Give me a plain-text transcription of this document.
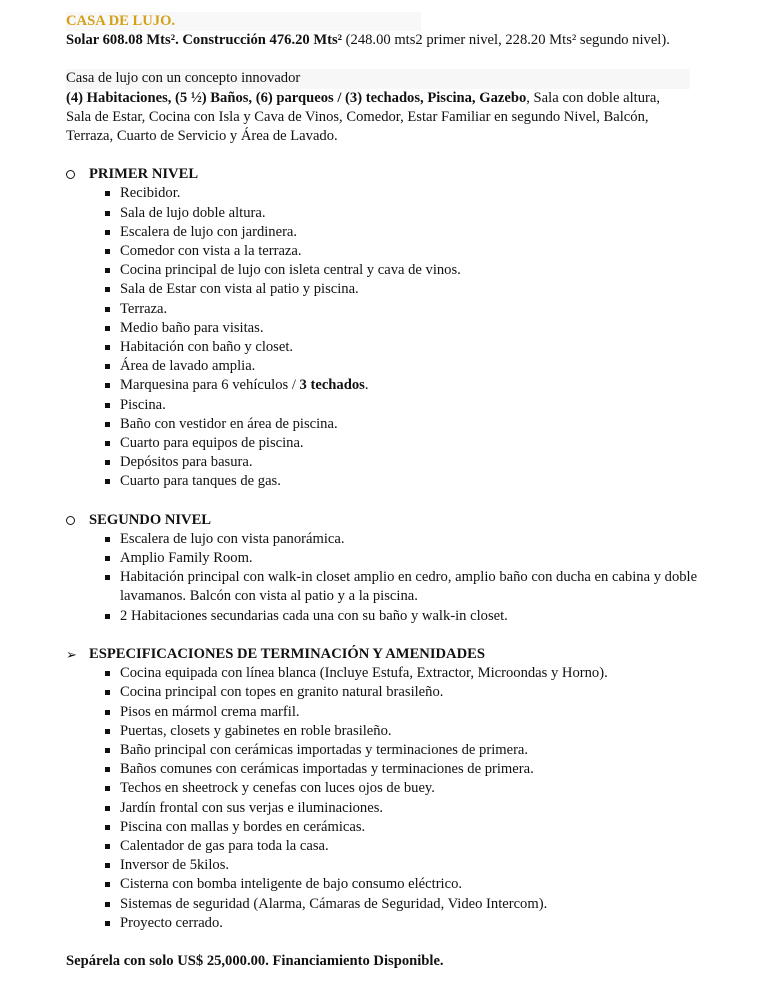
CASA DE LUJO.
Solar 608.08 Mts². Construcción 476.20 Mts² (248.00 mts2 primer nivel, 228.20 Mts² segundo nivel).
Casa de lujo con un concepto innovador
(4) Habitaciones, (5 ½) Baños, (6) parqueos / (3) techados, Piscina, Gazebo, Sala con doble altura,
Sala de Estar, Cocina con Isla y Cava de Vinos, Comedor, Estar Familiar en segundo Nivel, Balcón,
Terraza, Cuarto de Servicio y Área de Lavado.
PRIMER NIVEL
Recibidor.
Sala de lujo doble altura.
Escalera de lujo con jardinera.
Comedor con vista a la terraza.
Cocina principal de lujo con isleta central y cava de vinos.
Sala de Estar con vista al patio y piscina.
Terraza.
Medio baño para visitas.
Habitación con baño y closet.
Área de lavado amplia.
Marquesina para 6 vehículos / 3 techados.
Piscina.
Baño con vestidor en área de piscina.
Cuarto para equipos de piscina.
Depósitos para basura.
Cuarto para tanques de gas.
SEGUNDO NIVEL
Escalera de lujo con vista panorámica.
Amplio Family Room.
Habitación principal con walk-in closet amplio en cedro, amplio baño con ducha en cabina y doble lavamanos. Balcón con vista al patio y a la piscina.
2 Habitaciones secundarias cada una con su baño y walk-in closet.
➢ ESPECIFICACIONES DE TERMINACIÓN Y AMENIDADES
Cocina equipada con línea blanca (Incluye Estufa, Extractor, Microondas y Horno).
Cocina principal con topes en granito natural brasileño.
Pisos en mármol crema marfil.
Puertas, closets y gabinetes en roble brasileño.
Baño principal con cerámicas importadas y terminaciones de primera.
Baños comunes con cerámicas importadas y terminaciones de primera.
Techos en sheetrock y cenefas con luces ojos de buey.
Jardín frontal con sus verjas e iluminaciones.
Piscina con mallas y bordes en cerámicas.
Calentador de gas para toda la casa.
Inversor de 5kilos.
Cisterna con bomba inteligente de bajo consumo eléctrico.
Sistemas de seguridad (Alarma, Cámaras de Seguridad, Video Intercom).
Proyecto cerrado.
Sepárela con solo US$ 25,000.00. Financiamiento Disponible.
